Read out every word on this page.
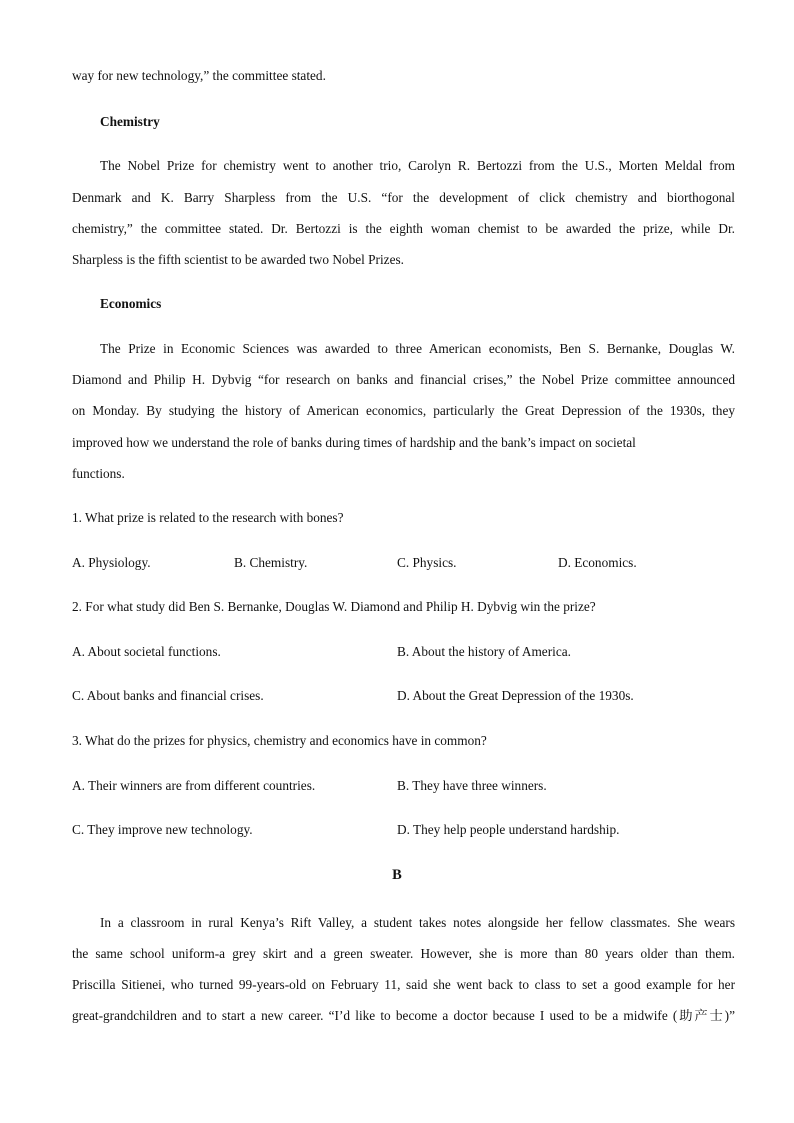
way for new technology,” the committee stated.
Chemistry
The Nobel Prize for chemistry went to another trio, Carolyn R. Bertozzi from the U.S., Morten Meldal from
Denmark and K. Barry Sharpless from the U.S. “for the development of click chemistry and biorthogonal
chemistry,” the committee stated. Dr. Bertozzi is the eighth woman chemist to be awarded the prize, while Dr.
Sharpless is the fifth scientist to be awarded two Nobel Prizes.
Economics
The Prize in Economic Sciences was awarded to three American economists, Ben S. Bernanke, Douglas W.
Diamond and Philip H. Dybvig “for research on banks and financial crises,” the Nobel Prize committee announced
on Monday. By studying the history of American economics, particularly the Great Depression of the 1930s, they
improved how we understand the role of banks during times of hardship and the bank’s impact on societal
functions.
1. What prize is related to the research with bones?
A. Physiology.	B. Chemistry.	C. Physics.	D. Economics.
2. For what study did Ben S. Bernanke, Douglas W. Diamond and Philip H. Dybvig win the prize?
A. About societal functions.	B. About the history of America.
C. About banks and financial crises.	D. About the Great Depression of the 1930s.
3. What do the prizes for physics, chemistry and economics have in common?
A. Their winners are from different countries.	B. They have three winners.
C. They improve new technology.	D. They help people understand hardship.
B
In a classroom in rural Kenya’s Rift Valley, a student takes notes alongside her fellow classmates. She wears
the same school uniform-a grey skirt and a green sweater. However, she is more than 80 years older than them.
Priscilla Sitienei, who turned 99-years-old on February 11, said she went back to class to set a good example for her
great-grandchildren and to start a new career. “I’d like to become a doctor because I used to be a midwife (助产士)”
